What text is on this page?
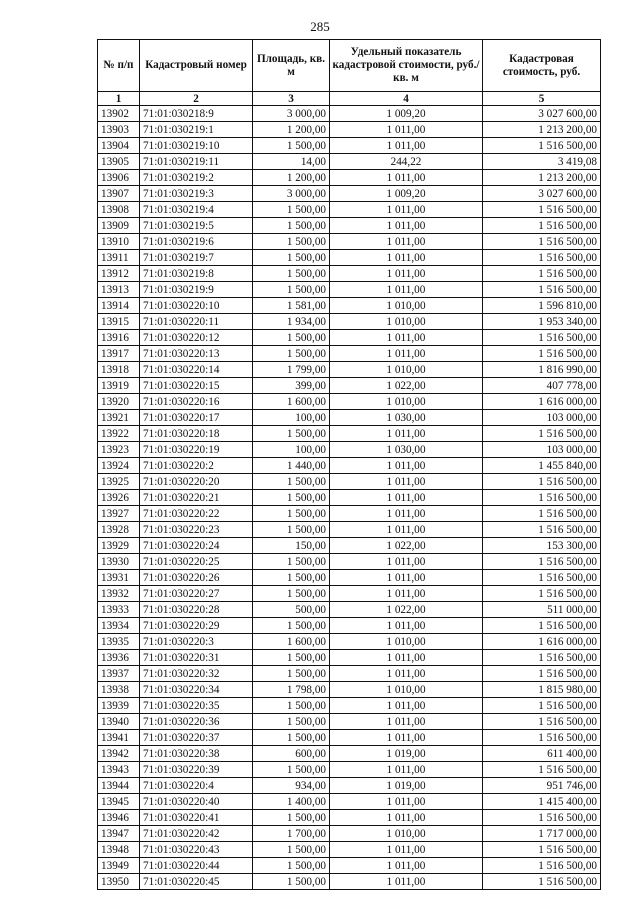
285
№ п/п	Кадастровый номер	Площадь, кв. м	Удельный показатель кадастровой стоимости, руб./кв. м	Кадастровая стоимость, руб.
1	2	3	4	5
13902	71:01:030218:9	3 000,00	1 009,20	3 027 600,00
13903	71:01:030219:1	1 200,00	1 011,00	1 213 200,00
13904	71:01:030219:10	1 500,00	1 011,00	1 516 500,00
13905	71:01:030219:11	14,00	244,22	3 419,08
13906	71:01:030219:2	1 200,00	1 011,00	1 213 200,00
13907	71:01:030219:3	3 000,00	1 009,20	3 027 600,00
13908	71:01:030219:4	1 500,00	1 011,00	1 516 500,00
13909	71:01:030219:5	1 500,00	1 011,00	1 516 500,00
13910	71:01:030219:6	1 500,00	1 011,00	1 516 500,00
13911	71:01:030219:7	1 500,00	1 011,00	1 516 500,00
13912	71:01:030219:8	1 500,00	1 011,00	1 516 500,00
13913	71:01:030219:9	1 500,00	1 011,00	1 516 500,00
13914	71:01:030220:10	1 581,00	1 010,00	1 596 810,00
13915	71:01:030220:11	1 934,00	1 010,00	1 953 340,00
13916	71:01:030220:12	1 500,00	1 011,00	1 516 500,00
13917	71:01:030220:13	1 500,00	1 011,00	1 516 500,00
13918	71:01:030220:14	1 799,00	1 010,00	1 816 990,00
13919	71:01:030220:15	399,00	1 022,00	407 778,00
13920	71:01:030220:16	1 600,00	1 010,00	1 616 000,00
13921	71:01:030220:17	100,00	1 030,00	103 000,00
13922	71:01:030220:18	1 500,00	1 011,00	1 516 500,00
13923	71:01:030220:19	100,00	1 030,00	103 000,00
13924	71:01:030220:2	1 440,00	1 011,00	1 455 840,00
13925	71:01:030220:20	1 500,00	1 011,00	1 516 500,00
13926	71:01:030220:21	1 500,00	1 011,00	1 516 500,00
13927	71:01:030220:22	1 500,00	1 011,00	1 516 500,00
13928	71:01:030220:23	1 500,00	1 011,00	1 516 500,00
13929	71:01:030220:24	150,00	1 022,00	153 300,00
13930	71:01:030220:25	1 500,00	1 011,00	1 516 500,00
13931	71:01:030220:26	1 500,00	1 011,00	1 516 500,00
13932	71:01:030220:27	1 500,00	1 011,00	1 516 500,00
13933	71:01:030220:28	500,00	1 022,00	511 000,00
13934	71:01:030220:29	1 500,00	1 011,00	1 516 500,00
13935	71:01:030220:3	1 600,00	1 010,00	1 616 000,00
13936	71:01:030220:31	1 500,00	1 011,00	1 516 500,00
13937	71:01:030220:32	1 500,00	1 011,00	1 516 500,00
13938	71:01:030220:34	1 798,00	1 010,00	1 815 980,00
13939	71:01:030220:35	1 500,00	1 011,00	1 516 500,00
13940	71:01:030220:36	1 500,00	1 011,00	1 516 500,00
13941	71:01:030220:37	1 500,00	1 011,00	1 516 500,00
13942	71:01:030220:38	600,00	1 019,00	611 400,00
13943	71:01:030220:39	1 500,00	1 011,00	1 516 500,00
13944	71:01:030220:4	934,00	1 019,00	951 746,00
13945	71:01:030220:40	1 400,00	1 011,00	1 415 400,00
13946	71:01:030220:41	1 500,00	1 011,00	1 516 500,00
13947	71:01:030220:42	1 700,00	1 010,00	1 717 000,00
13948	71:01:030220:43	1 500,00	1 011,00	1 516 500,00
13949	71:01:030220:44	1 500,00	1 011,00	1 516 500,00
13950	71:01:030220:45	1 500,00	1 011,00	1 516 500,00
